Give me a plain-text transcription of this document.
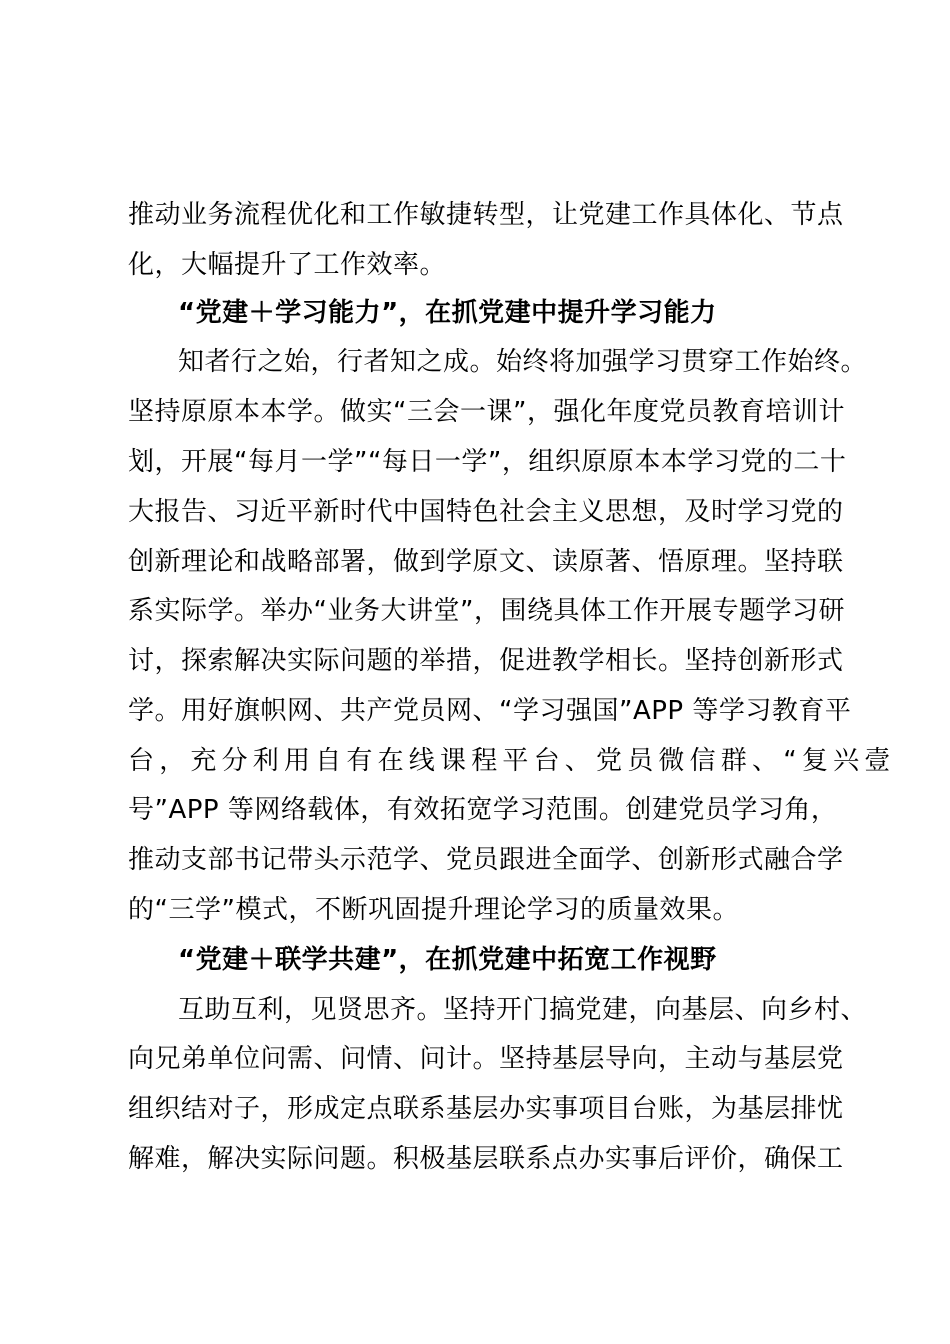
推动业务流程优化和工作敏捷转型，让党建工作具体化、节点
化，大幅提升了工作效率。
“党建＋学习能力”，在抓党建中提升学习能力
知者行之始，行者知之成。始终将加强学习贯穿工作始终。
坚持原原本本学。做实“三会一课”，强化年度党员教育培训计
划，开展“每月一学”“每日一学”，组织原原本本学习党的二十
大报告、习近平新时代中国特色社会主义思想，及时学习党的
创新理论和战略部署，做到学原文、读原著、悟原理。坚持联
系实际学。举办“业务大讲堂”，围绕具体工作开展专题学习研
讨，探索解决实际问题的举措，促进教学相长。坚持创新形式
学。用好旗帜网、共产党员网、“学习强国”APP 等学习教育平
台，充分利用自有在线课程平台、党员微信群、“复兴壹
号”APP 等网络载体，有效拓宽学习范围。创建党员学习角，
推动支部书记带头示范学、党员跟进全面学、创新形式融合学
的“三学”模式，不断巩固提升理论学习的质量效果。
“党建＋联学共建”，在抓党建中拓宽工作视野
互助互利，见贤思齐。坚持开门搞党建，向基层、向乡村、
向兄弟单位问需、问情、问计。坚持基层导向，主动与基层党
组织结对子，形成定点联系基层办实事项目台账，为基层排忧
解难，解决实际问题。积极基层联系点办实事后评价，确保工
